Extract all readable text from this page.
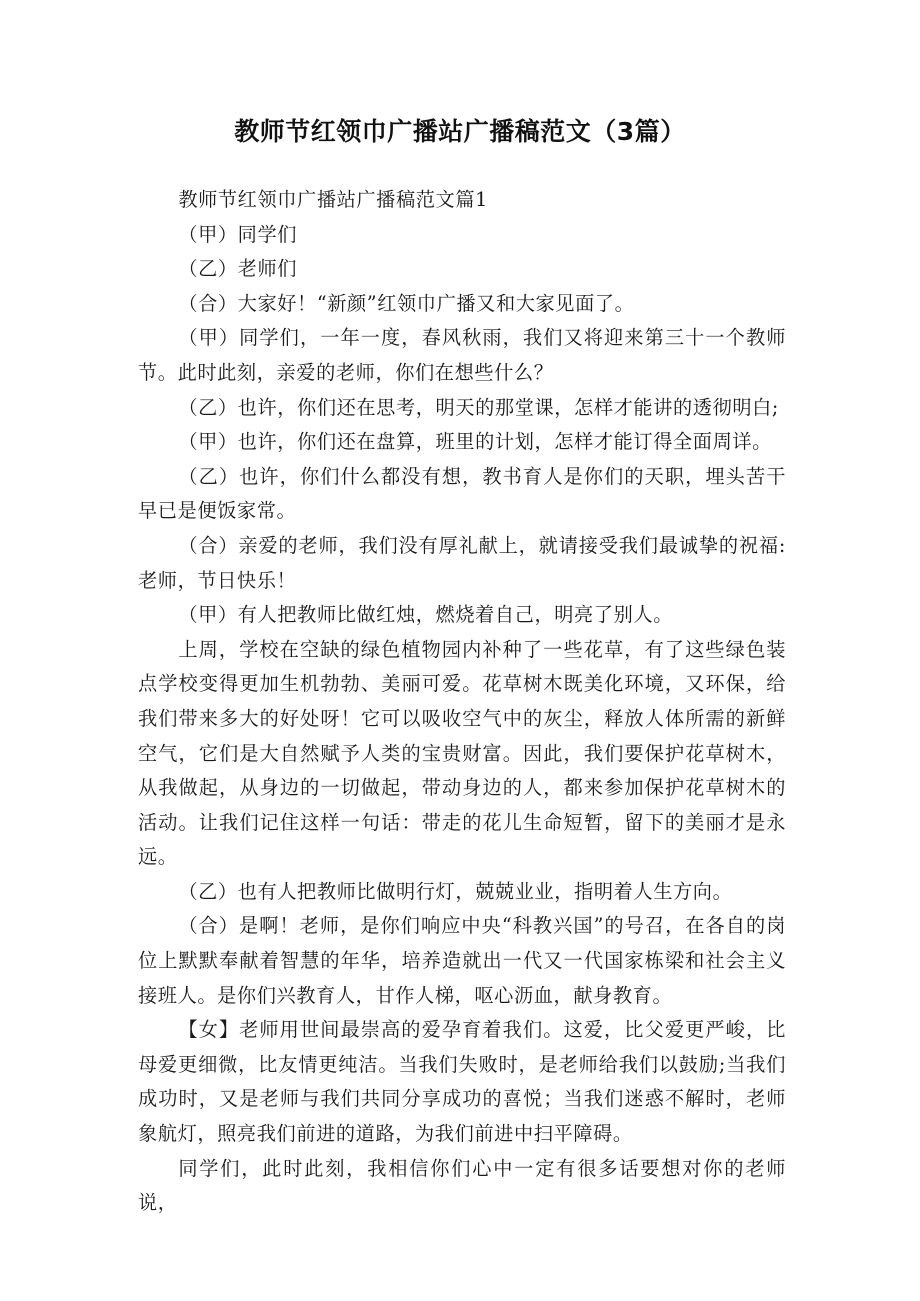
教师节红领巾广播站广播稿范文（3篇）

教师节红领巾广播站广播稿范文篇1

（甲）同学们

（乙）老师们

（合）大家好！“新颜”红领巾广播又和大家见面了。

（甲）同学们，一年一度，春风秋雨，我们又将迎来第三十一个教师节。此时此刻，亲爱的老师，你们在想些什么？

（乙）也许，你们还在思考，明天的那堂课，怎样才能讲的透彻明白;

（甲）也许，你们还在盘算，班里的计划，怎样才能订得全面周详。

（乙）也许，你们什么都没有想，教书育人是你们的天职，埋头苦干早已是便饭家常。

（合）亲爱的老师，我们没有厚礼献上，就请接受我们最诚挚的祝福:老师，节日快乐！

（甲）有人把教师比做红烛，燃烧着自己，明亮了别人。

上周，学校在空缺的绿色植物园内补种了一些花草，有了这些绿色装点学校变得更加生机勃勃、美丽可爱。花草树木既美化环境，又环保，给我们带来多大的好处呀！它可以吸收空气中的灰尘，释放人体所需的新鲜空气，它们是大自然赋予人类的宝贵财富。因此，我们要保护花草树木，从我做起，从身边的一切做起，带动身边的人，都来参加保护花草树木的活动。让我们记住这样一句话：带走的花儿生命短暂，留下的美丽才是永远。

（乙）也有人把教师比做明行灯，兢兢业业，指明着人生方向。

（合）是啊！老师，是你们响应中央“科教兴国”的号召，在各自的岗位上默默奉献着智慧的年华，培养造就出一代又一代国家栋梁和社会主义接班人。是你们兴教育人，甘作人梯，呕心沥血，献身教育。

【女】老师用世间最崇高的爱孕育着我们。这爱，比父爱更严峻，比母爱更细微，比友情更纯洁。当我们失败时，是老师给我们以鼓励;当我们成功时，又是老师与我们共同分享成功的喜悦；当我们迷惑不解时，老师象航灯，照亮我们前进的道路，为我们前进中扫平障碍。

同学们，此时此刻，我相信你们心中一定有很多话要想对你的老师说，
